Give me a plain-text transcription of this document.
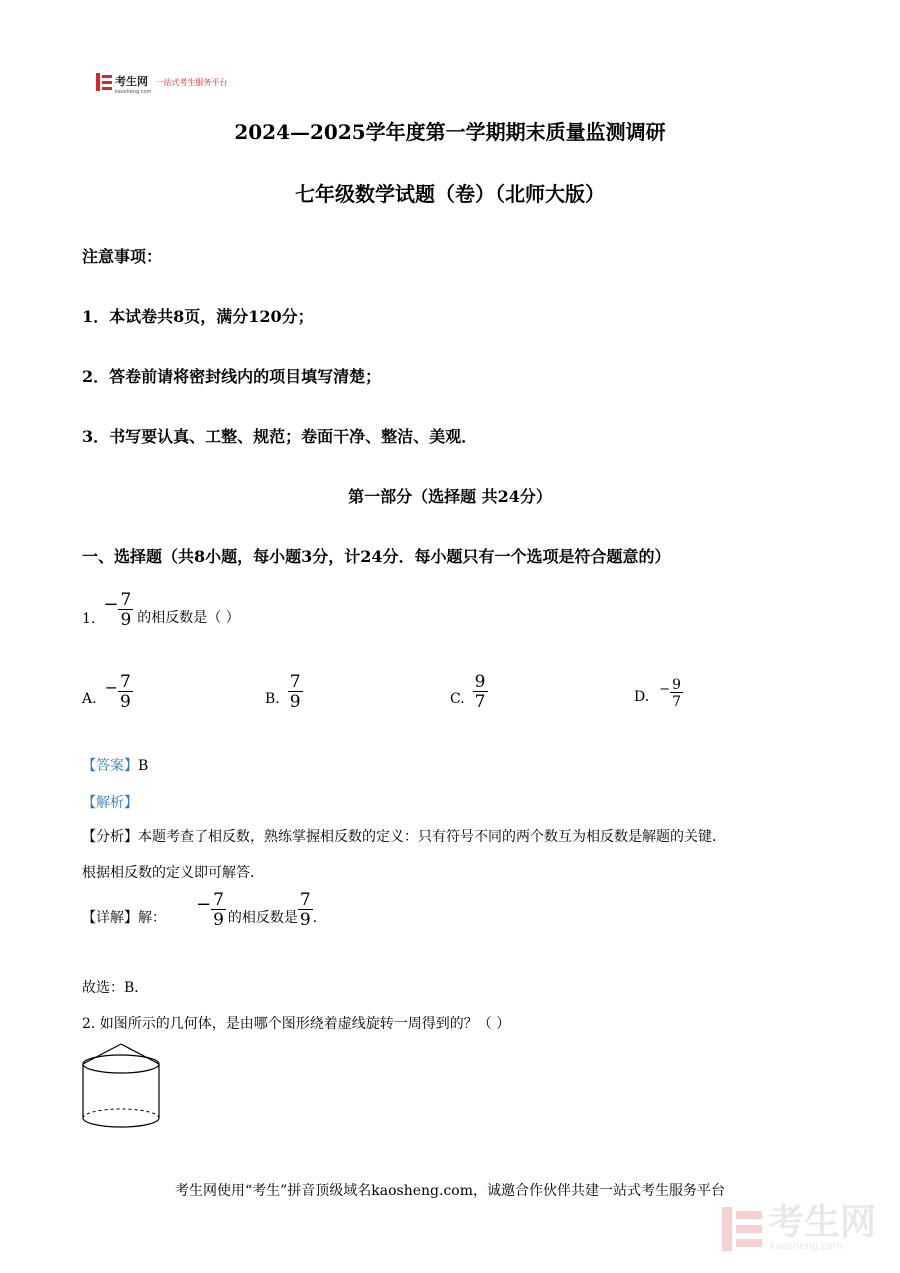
考生网
kaosheng.com
一站式考生服务平台
2024—2025学年度第一学期期末质量监测调研
七年级数学试题（卷）（北师大版）
注意事项：
1．本试卷共8页，满分120分；
2．答卷前请将密封线内的项目填写清楚；
3．书写要认真、工整、规范；卷面干净、整洁、美观．
第一部分（选择题 共24分）
一、选择题（共8小题，每小题3分，计24分．每小题只有一个选项是符合题意的）
1.
− $\frac{7}{9}$ 的相反数是（ ）
A.
− $\frac{7}{9}$	B. $\frac{7}{9}$	C. $\frac{9}{7}$	D. − $\frac{9}{7}$
【答案】B
【解析】
【分析】本题考查了相反数，熟练掌握相反数的定义：只有符号不同的两个数互为相反数是解题的关键．
根据相反数的定义即可解答．
【详解】解：
− $\frac{7}{9}$ 的相反数是 $\frac{7}{9}$ ．
故选：B．
2. 如图所示的几何体，是由哪个图形绕着虚线旋转一周得到的？（ ）
考生网使用“考生”拼音顶级域名kaosheng.com，诚邀合作伙伴共建一站式考生服务平台
考生网
kaosheng.com
